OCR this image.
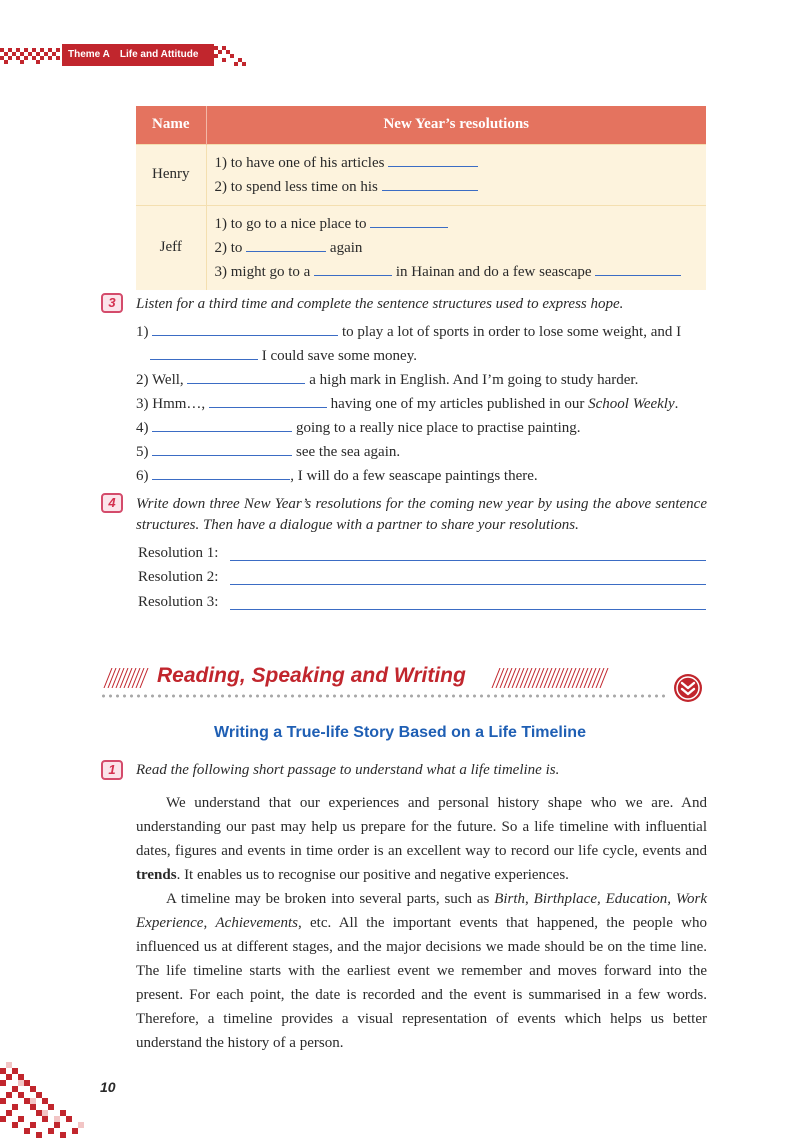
Theme A Life and Attitude
Name	New Year’s resolutions
Henry	1) to have one of his articles
2) to spend less time on his

Jeff	1) to go to a nice place to
2) to again
3) might go to a in Hainan and do a few seascape
3	Listen for a third time and complete the sentence structures used to express hope.
1)	to play a lot of sports in order to lose some weight, and I
I could save some money.
2) Well,	a high mark in English. And I’m going to study harder.
3) Hmm…,	having one of my articles published in our School Weekly.
4)	going to a really nice place to practise painting.
5)	see the sea again.
6)	, I will do a few seascape paintings there.
4	Write down three New Year’s resolutions for the coming new year by using the above sentence structures. Then have a dialogue with a partner to share your resolutions.
Resolution 1:
Resolution 2:
Resolution 3:
Reading, Speaking and Writing
Writing a True-life Story Based on a Life Timeline
1	Read the following short passage to understand what a life timeline is.
We understand that our experiences and personal history shape who we are. And understanding our past may help us prepare for the future. So a life timeline with influential dates, figures and events in time order is an excellent way to record our life cycle, events and trends. It enables us to recognise our positive and negative experiences.
A timeline may be broken into several parts, such as Birth, Birthplace, Education, Work Experience, Achievements, etc. All the important events that happened, the people who influenced us at different stages, and the major decisions we made should be on the time line. The life timeline starts with the earliest event we remember and moves forward into the present. For each point, the date is recorded and the event is summarised in a few words. Therefore, a timeline provides a visual representation of events which helps us better understand the history of a person.
10
